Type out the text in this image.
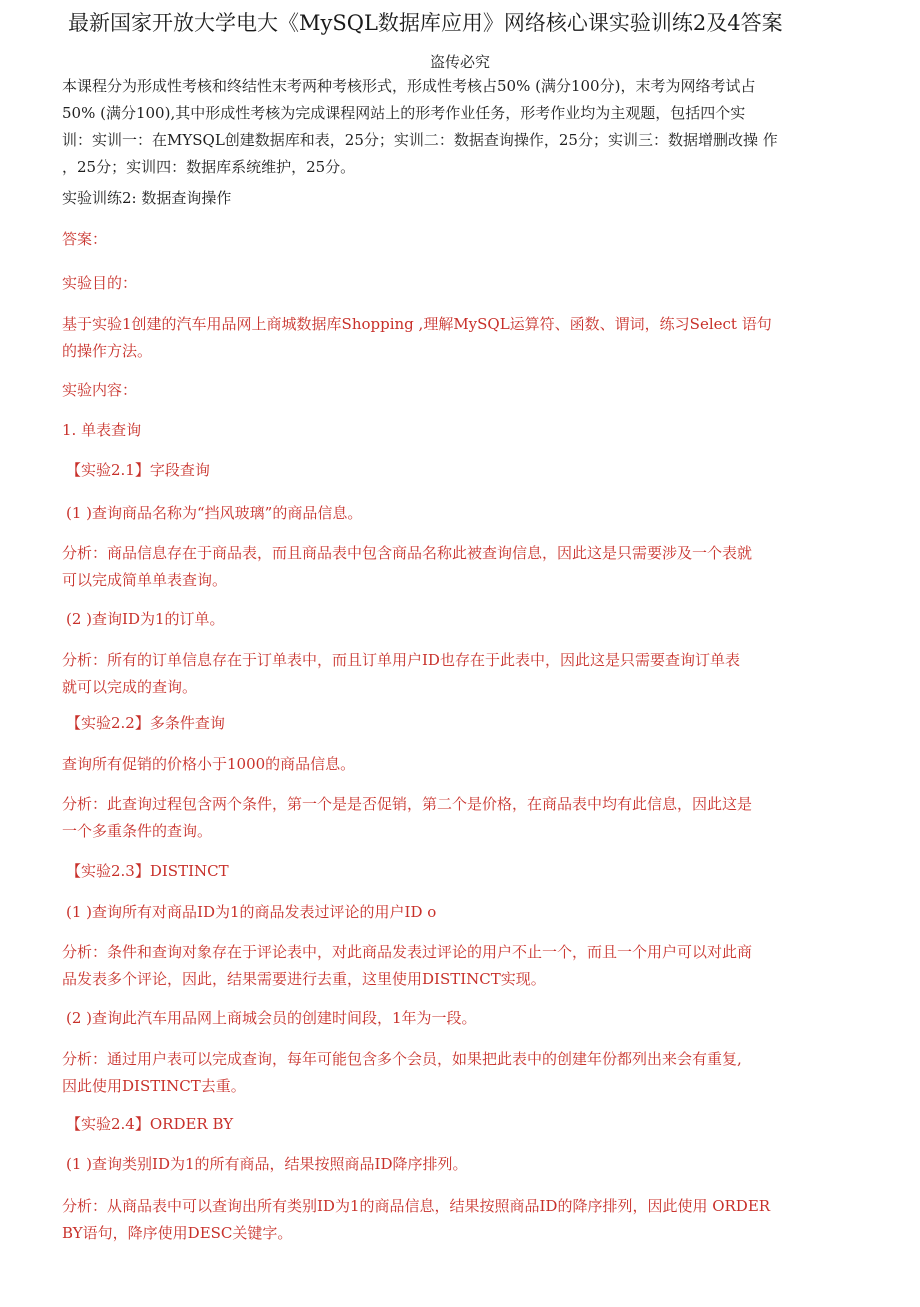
最新国家开放大学电大《MySQL数据库应用》网络核心课实验训练2及4答案
盗传必究
本课程分为形成性考核和终结性末考两种考核形式，形成性考核占50% (满分100分)，末考为网络考试占
50% (满分100),其中形成性考核为完成课程网站上的形考作业任务，形考作业均为主观题，包括四个实
训：实训一：在MYSQL创建数据库和表，25分；实训二：数据查询操作，25分；实训三：数据增删改操 作
，25分；实训四：数据库系统维护，25分。
实验训练2: 数据查询操作
答案：
实验目的：
基于实验1创建的汽车用品网上商城数据库Shopping ,理解MySQL运算符、函数、谓词，练习Select 语句
的操作方法。
实验内容：
1. 单表查询
【实验2.1】字段查询
(1 )查询商品名称为“挡风玻璃”的商品信息。
分析：商品信息存在于商品表，而且商品表中包含商品名称此被查询信息，因此这是只需要涉及一个表就
可以完成简单单表查询。
(2 )查询ID为1的订单。
分析：所有的订单信息存在于订单表中，而且订单用户ID也存在于此表中，因此这是只需要查询订单表
就可以完成的查询。
【实验2.2】多条件查询
查询所有促销的价格小于1000的商品信息。
分析：此查询过程包含两个条件，第一个是是否促销，第二个是价格，在商品表中均有此信息，因此这是
一个多重条件的查询。
【实验2.3】DISTINCT
(1 )查询所有对商品ID为1的商品发表过评论的用户ID o
分析：条件和查询对象存在于评论表中，对此商品发表过评论的用户不止一个，而且一个用户可以对此商
品发表多个评论，因此，结果需要进行去重，这里使用DISTINCT实现。
(2 )查询此汽车用品网上商城会员的创建时间段，1年为一段。
分析：通过用户表可以完成查询，每年可能包含多个会员，如果把此表中的创建年份都列出来会有重复,
因此使用DISTINCT去重。
【实验2.4】ORDER BY
(1 )查询类别ID为1的所有商品，结果按照商品ID降序排列。
分析：从商品表中可以查询出所有类别ID为1的商品信息，结果按照商品ID的降序排列，因此使用 ORDER
BY语句，降序使用DESC关键字。
